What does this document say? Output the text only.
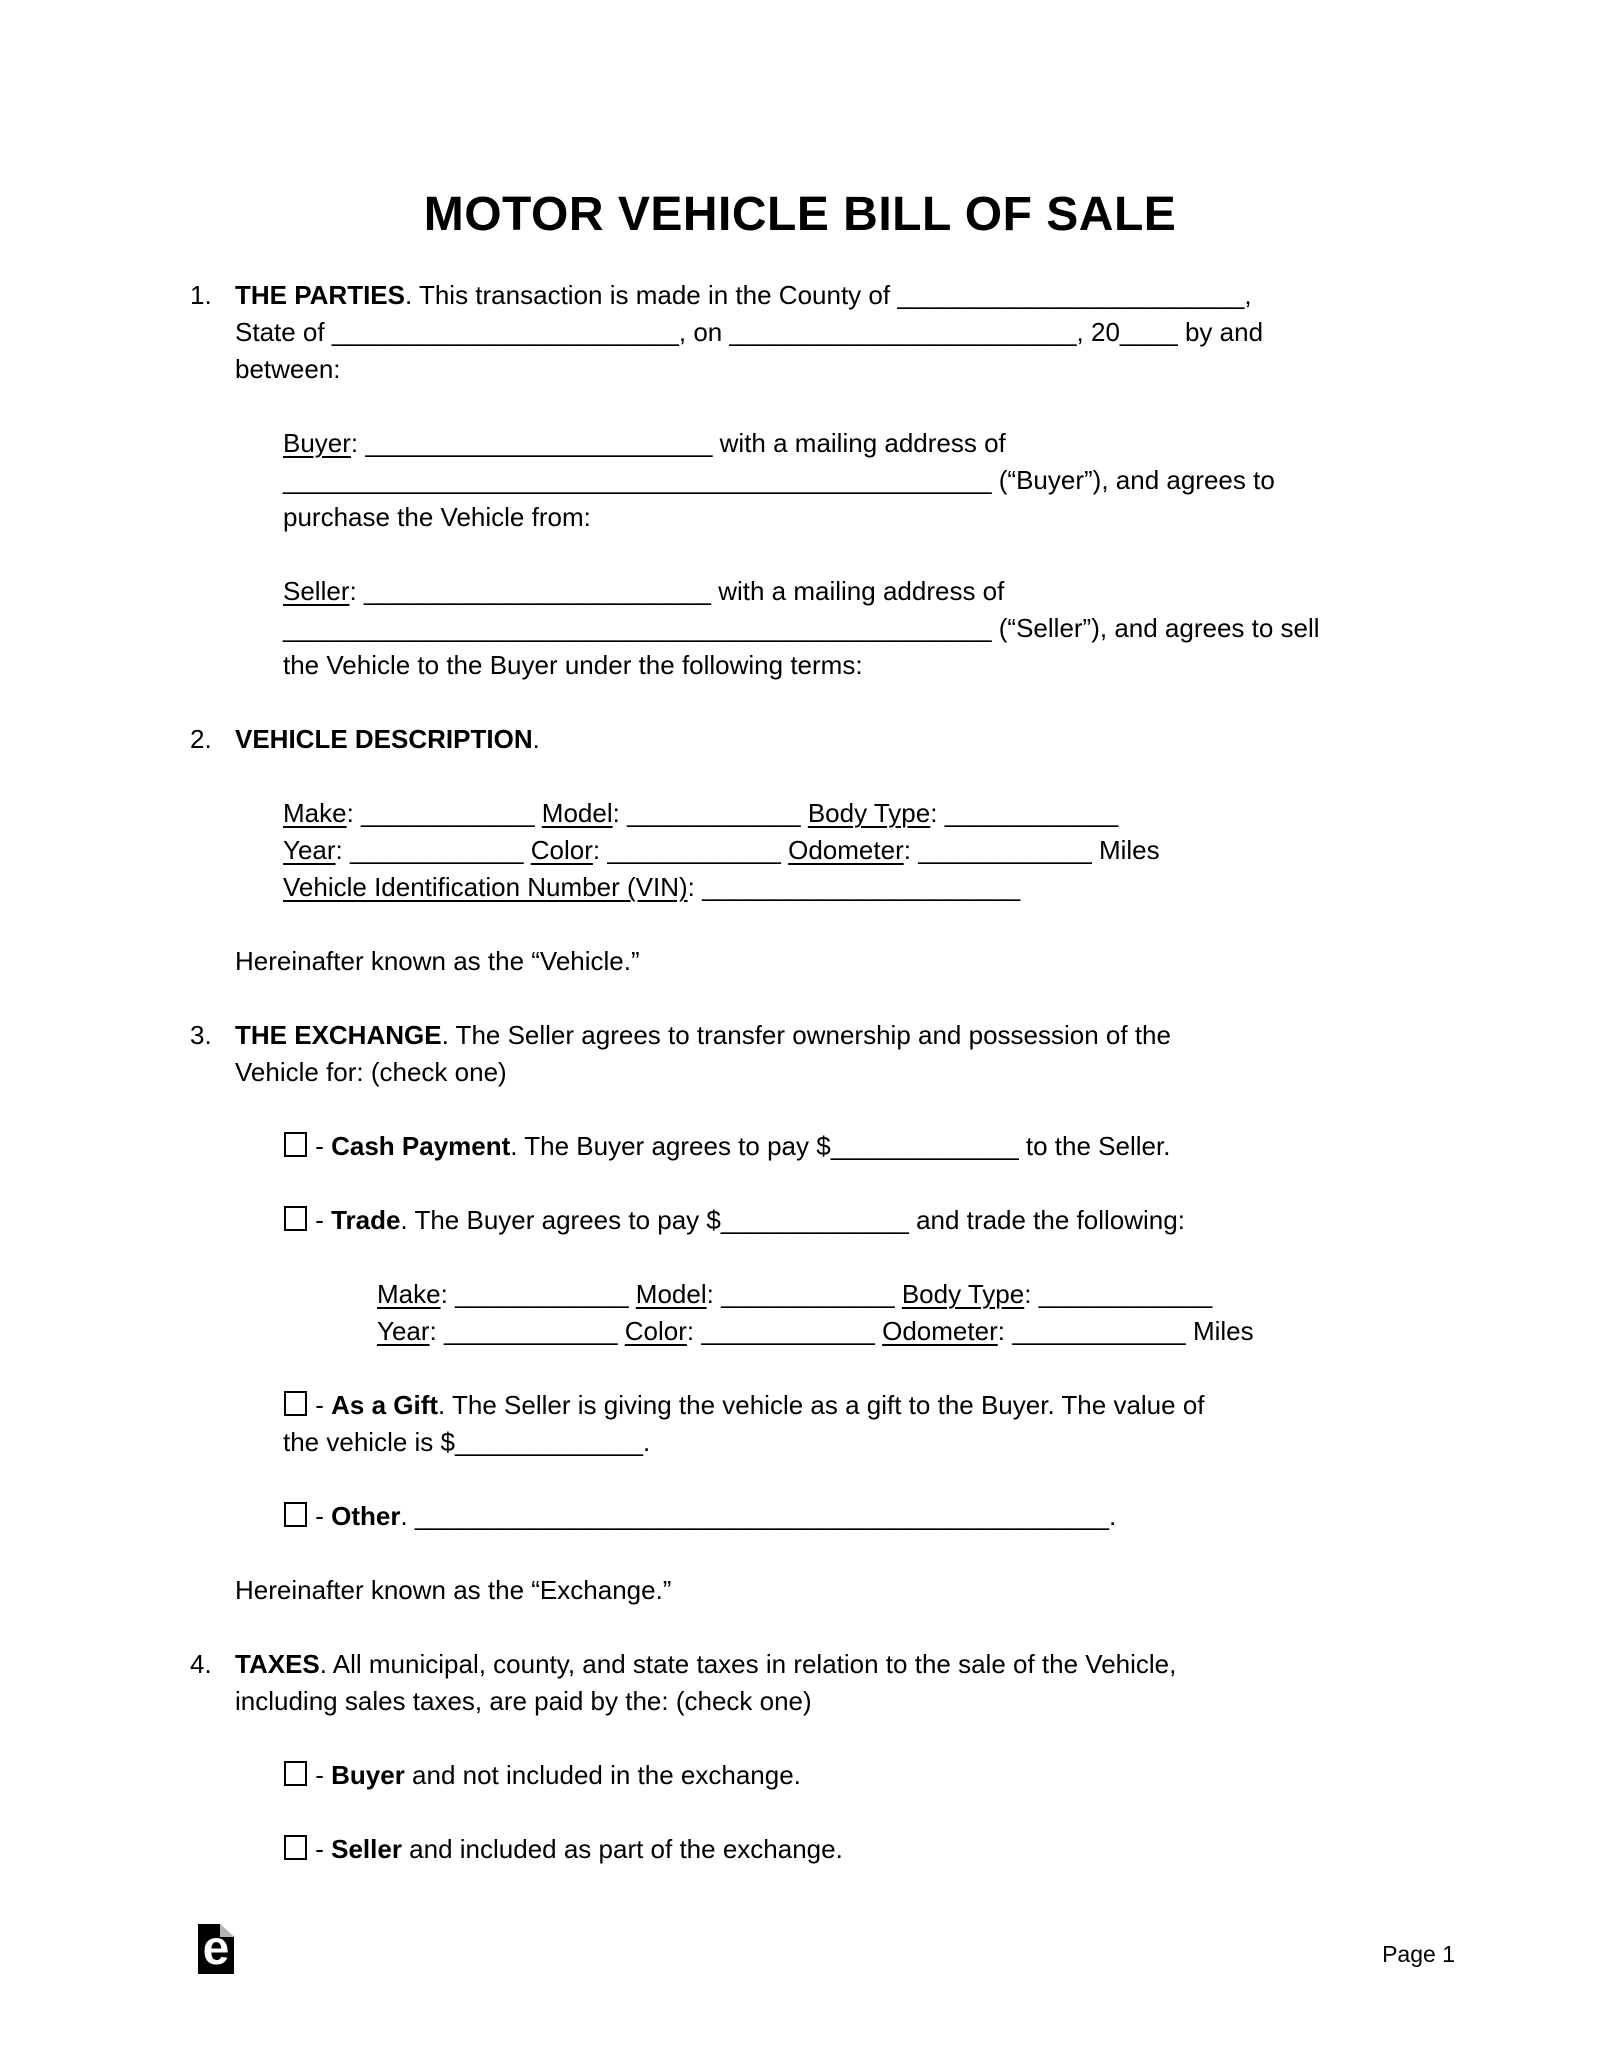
MOTOR VEHICLE BILL OF SALE
1. THE PARTIES. This transaction is made in the County of ________________________,
State of ________________________, on ________________________, 20____ by and
between:
Buyer: ________________________ with a mailing address of
_________________________________________________ (“Buyer”), and agrees to
purchase the Vehicle from:
Seller: ________________________ with a mailing address of
_________________________________________________ (“Seller”), and agrees to sell
the Vehicle to the Buyer under the following terms:
2. VEHICLE DESCRIPTION.
Make: ____________ Model: ____________ Body Type: ____________
Year: ____________ Color: ____________ Odometer: ____________ Miles
Vehicle Identification Number (VIN): ______________________
Hereinafter known as the “Vehicle.”
3. THE EXCHANGE. The Seller agrees to transfer ownership and possession of the
Vehicle for: (check one)
- Cash Payment. The Buyer agrees to pay $_____________ to the Seller.
- Trade. The Buyer agrees to pay $_____________ and trade the following:
Make: ____________ Model: ____________ Body Type: ____________
Year: ____________ Color: ____________ Odometer: ____________ Miles
- As a Gift. The Seller is giving the vehicle as a gift to the Buyer. The value of
the vehicle is $_____________.
- Other. ________________________________________________.
Hereinafter known as the “Exchange.”
4. TAXES. All municipal, county, and state taxes in relation to the sale of the Vehicle,
including sales taxes, are paid by the: (check one)
- Buyer and not included in the exchange.
- Seller and included as part of the exchange.
e	Page 1
